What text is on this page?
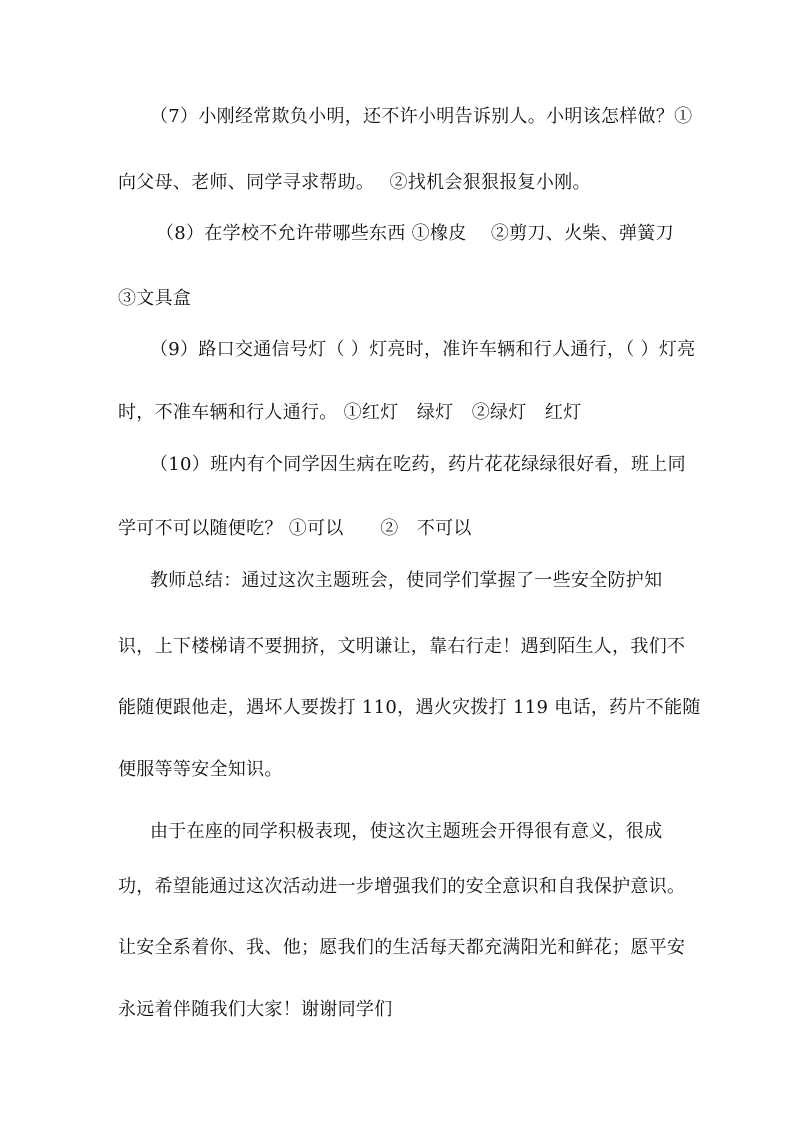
（7）小刚经常欺负小明，还不许小明告诉别人。小明该怎样做？①
向父母、老师、同学寻求帮助。　 ②找机会狠狠报复小刚。
（8）在学校不允许带哪些东西 ①橡皮　 ②剪刀、火柴、弹簧刀
③文具盒
（9）路口交通信号灯（ ）灯亮时，准许车辆和行人通行，（ ）灯亮
时，不准车辆和行人通行。 ①红灯　绿灯　②绿灯　红灯
（10）班内有个同学因生病在吃药，药片花花绿绿很好看，班上同
学可不可以随便吃？ ①可以　　②　不可以
教师总结：通过这次主题班会，使同学们掌握了一些安全防护知
识，上下楼梯请不要拥挤，文明谦让，靠右行走！遇到陌生人，我们不
能随便跟他走，遇坏人要拨打 110，遇火灾拨打 119 电话，药片不能随
便服等等安全知识。
由于在座的同学积极表现，使这次主题班会开得很有意义，很成
功，希望能通过这次活动进一步增强我们的安全意识和自我保护意识。
让安全系着你、我、他；愿我们的生活每天都充满阳光和鲜花；愿平安
永远着伴随我们大家！谢谢同学们
